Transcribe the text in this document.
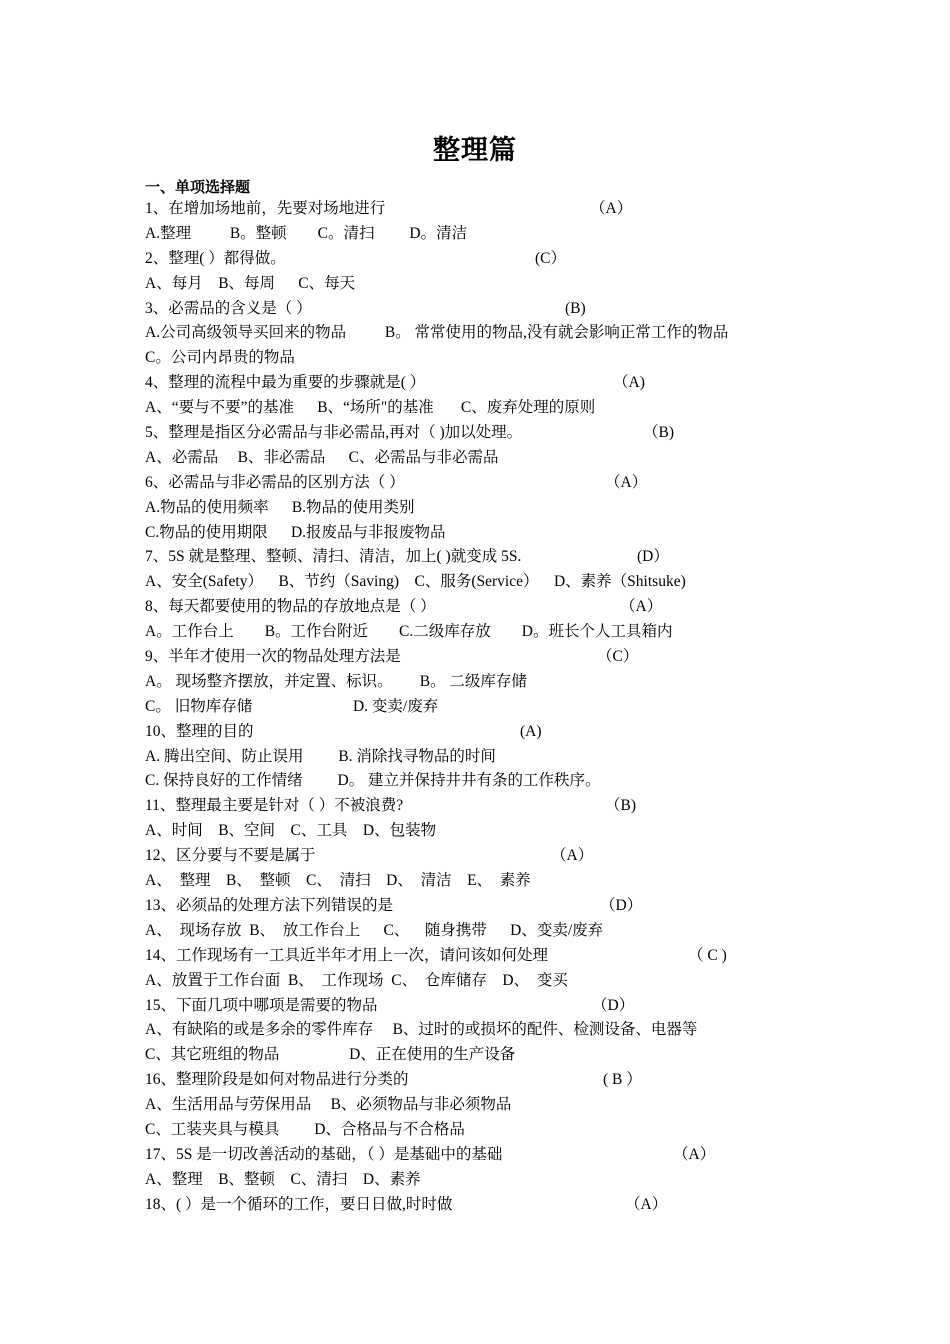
整理篇
一、单项选择题
1、在增加场地前，先要对场地进行	（A）
A.整理          B。整顿        C。清扫         D。清洁
2、整理( ）都得做。	(C）
A、每月    B、每周      C、每天
3、必需品的含义是（ ）	(B)
A.公司高级领导买回来的物品          B。 常常使用的物品,没有就会影响正常工作的物品
C。公司内昂贵的物品
4、整理的流程中最为重要的步骤就是( ）	（A)
A、“要与不要”的基准      B、“场所"的基准       C、废弃处理的原则
5、整理是指区分必需品与非必需品,再对（ )加以处理。	（B)
A、必需品     B、非必需品      C、必需品与非必需品
6、必需品与非必需品的区别方法（ ）	（A）
A.物品的使用频率      B.物品的使用类别
C.物品的使用期限      D.报废品与非报废物品
7、5S 就是整理、整顿、清扫、清洁，加上( )就变成 5S.	(D）
A、安全(Safety）    B、节约（Saving)    C、服务(Service）    D、素养（Shitsuke)
8、每天都要使用的物品的存放地点是（ ）	（A）
A。工作台上        B。工作台附近        C.二级库存放        D。班长个人工具箱内
9、半年才使用一次的物品处理方法是	（C）
A。 现场整齐摆放，并定置、标识。       B。 二级库存储
C。 旧物库存储                          D. 变卖/废弃
10、整理的目的	(A)
A. 腾出空间、防止误用         B. 消除找寻物品的时间
C. 保持良好的工作情绪         D。 建立并保持井井有条的工作秩序。
11、整理最主要是针对（ ）不被浪费?	（B)
A、时间    B、空间    C、工具    D、包装物
12、区分要与不要是属于	（A）
A、  整理    B、  整顿    C、  清扫    D、  清洁    E、  素养
13、必须品的处理方法下列错误的是	（D）
A、  现场存放  B、  放工作台上      C、    随身携带      D、变卖/废弃
14、工作现场有一工具近半年才用上一次，请问该如何处理	（ C )
A、放置于工作台面  B、  工作现场  C、  仓库储存    D、  变买
15、下面几项中哪项是需要的物品	（D）
A、有缺陷的或是多余的零件库存     B、过时的或损坏的配件、检测设备、电器等
C、其它班组的物品                  D、正在使用的生产设备
16、整理阶段是如何对物品进行分类的	( B ）
A、生活用品与劳保用品     B、必须物品与非必须物品
C、工装夹具与模具         D、合格品与不合格品
17、5S 是一切改善活动的基础，（ ）是基础中的基础	（A）
A、整理    B、整顿    C、清扫    D、素养
18、( ）是一个循环的工作，要日日做,时时做	（A）
